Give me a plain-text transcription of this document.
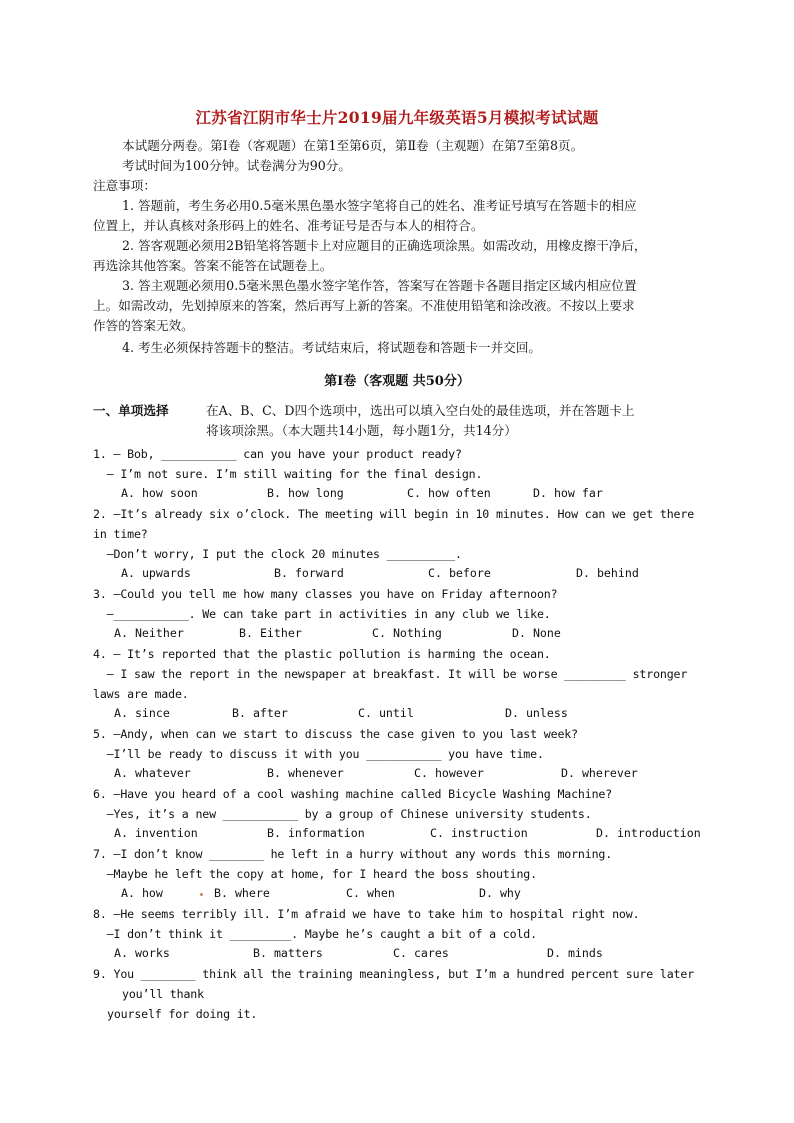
江苏省江阴市华士片2019届九年级英语5月模拟考试试题
本试题分两卷。第Ⅰ卷（客观题）在第1至第6页，第Ⅱ卷（主观题）在第7至第8页。
考试时间为100分钟。试卷满分为90分。
注意事项：
1. 答题前，考生务必用0.5毫米黑色墨水签字笔将自己的姓名、准考证号填写在答题卡的相应
位置上，并认真核对条形码上的姓名、准考证号是否与本人的相符合。
2. 答客观题必须用2B铅笔将答题卡上对应题目的正确选项涂黑。如需改动，用橡皮擦干净后，
再选涂其他答案。答案不能答在试题卷上。
3. 答主观题必须用0.5毫米黑色墨水签字笔作答，答案写在答题卡各题目指定区域内相应位置
上。如需改动，先划掉原来的答案，然后再写上新的答案。不准使用铅笔和涂改液。不按以上要求
作答的答案无效。
4. 考生必须保持答题卡的整洁。考试结束后，将试题卷和答题卡一并交回。
第Ⅰ卷（客观题 共50分）
一、单项选择	在A、B、C、D四个选项中，选出可以填入空白处的最佳选项，并在答题卡上
将该项涂黑。（本大题共14小题，每小题1分，共14分）
1. — Bob, ___________ can you have your product ready?
— I’m not sure. I’m still waiting for the final design.
A. how soon	B. how long	C. how often	D. how far
2. —It’s already six o’clock. The meeting will begin in 10 minutes. How can we get there
in time?
—Don’t worry, I put the clock 20 minutes __________.
A. upwards	B. forward	C. before	D. behind
3. —Could you tell me how many classes you have on Friday afternoon?
—___________. We can take part in activities in any club we like.
A. Neither	B. Either	C. Nothing	D. None
4. — It’s reported that the plastic pollution is harming the ocean.
— I saw the report in the newspaper at breakfast. It will be worse _________ stronger
laws are made.
A. since	B. after	C. until	D. unless
5. —Andy, when can we start to discuss the case given to you last week?
—I’ll be ready to discuss it with you ___________ you have time.
A. whatever	B. whenever	C. however	D. wherever
6. —Have you heard of a cool washing machine called Bicycle Washing Machine?
—Yes, it’s a new ___________ by a group of Chinese university students.
A. invention	B. information	C. instruction	D. introduction
7. —I don’t know ________ he left in a hurry without any words this morning.
—Maybe he left the copy at home, for I heard the boss shouting.
A. how	B. where	C. when	D. why
8. —He seems terribly ill. I’m afraid we have to take him to hospital right now.
—I don’t think it _________. Maybe he’s caught a bit of a cold.
A. works	B. matters	C. cares	D. minds
9. You ________ think all the training meaningless, but I’m a hundred percent sure later
you’ll thank
yourself for doing it.
